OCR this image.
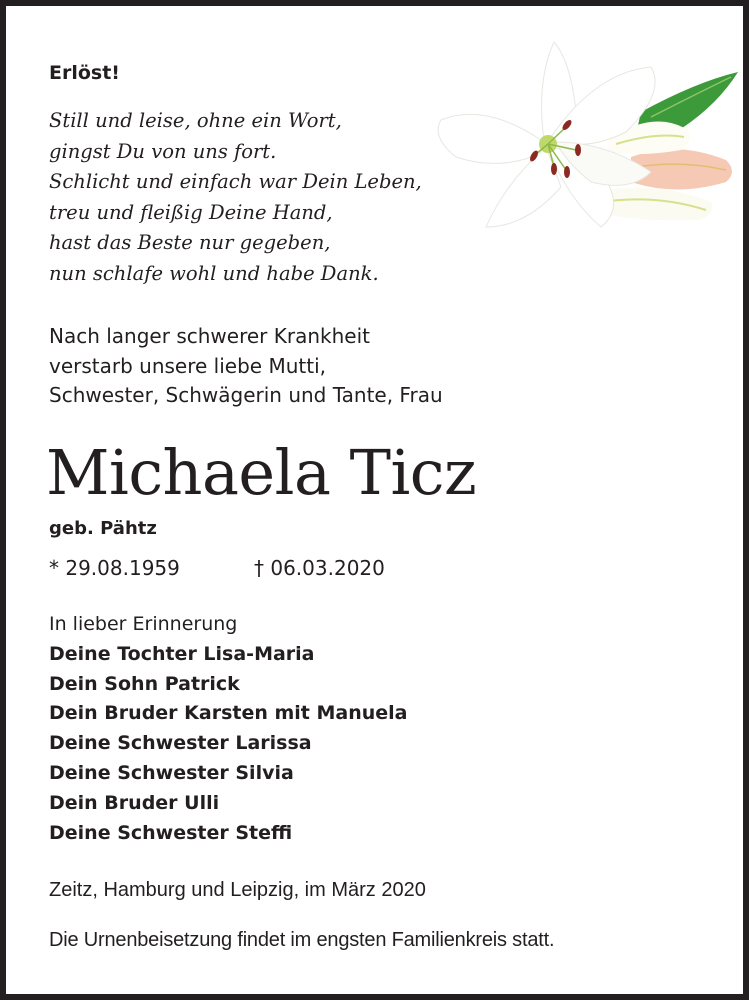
Erlöst!
Still und leise, ohne ein Wort,
gingst Du von uns fort.
Schlicht und einfach war Dein Leben,
treu und fleißig Deine Hand,
hast das Beste nur gegeben,
nun schlafe wohl und habe Dank.
Nach langer schwerer Krankheit
verstarb unsere liebe Mutti,
Schwester, Schwägerin und Tante, Frau
Michaela Ticz
geb. Pähtz
* 29.08.1959	† 06.03.2020
In lieber Erinnerung
Deine Tochter Lisa-Maria
Dein Sohn Patrick
Dein Bruder Karsten mit Manuela
Deine Schwester Larissa
Deine Schwester Silvia
Dein Bruder Ulli
Deine Schwester Steffi
Zeitz, Hamburg und Leipzig, im März 2020
Die Urnenbeisetzung findet im engsten Familienkreis statt.
